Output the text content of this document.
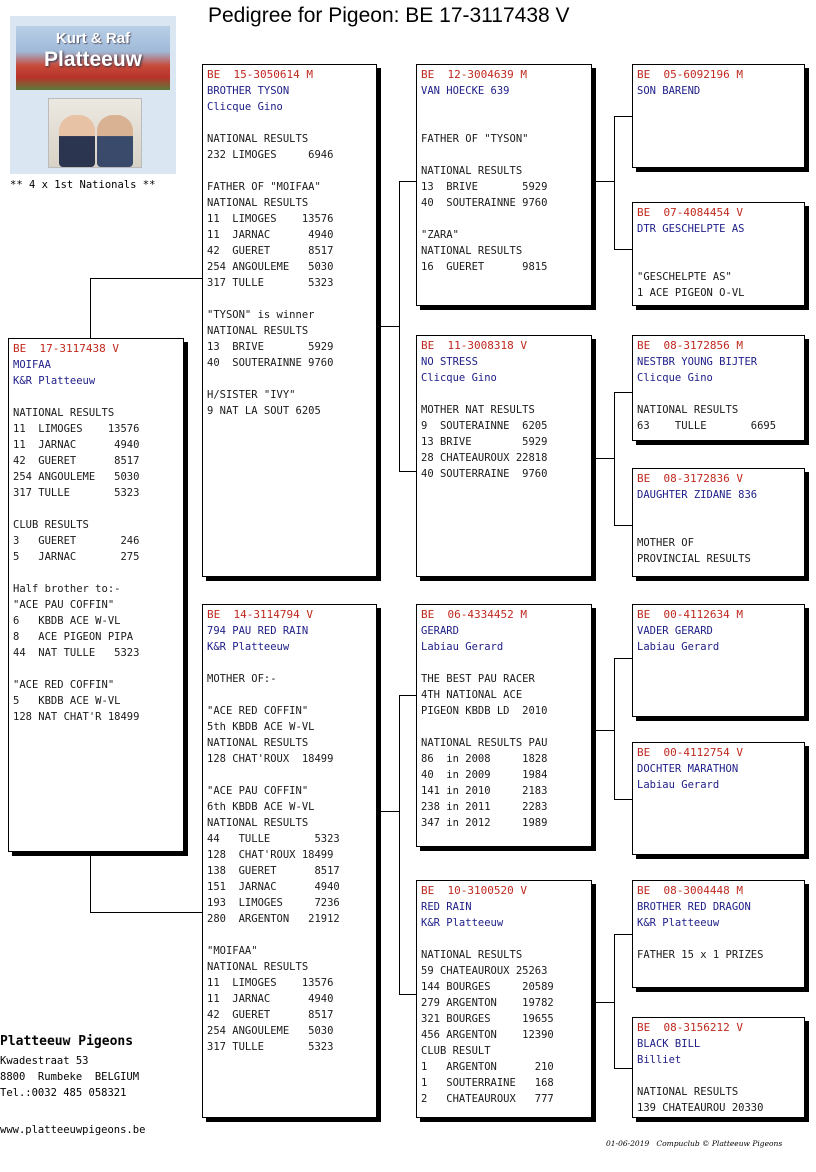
Pedigree for Pigeon: BE 17-3117438 V
Kurt & Raf
Platteeuw
** 4 x 1st Nationals **
BE  17-3117438 V
MOIFAA
K&R Platteeuw
NATIONAL RESULTS
11  LIMOGES    13576
11  JARNAC      4940
42  GUERET      8517
254 ANGOULEME   5030
317 TULLE       5323
CLUB RESULTS
3   GUERET       246
5   JARNAC       275
Half brother to:-
"ACE PAU COFFIN"
6   KBDB ACE W-VL
8   ACE PIGEON PIPA
44  NAT TULLE   5323
"ACE RED COFFIN"
5   KBDB ACE W-VL
128 NAT CHAT'R 18499
BE  15-3050614 M
BROTHER TYSON
Clicque Gino
NATIONAL RESULTS
232 LIMOGES     6946
FATHER OF "MOIFAA"
NATIONAL RESULTS
11  LIMOGES    13576
11  JARNAC      4940
42  GUERET      8517
254 ANGOULEME   5030
317 TULLE       5323
"TYSON" is winner
NATIONAL RESULTS
13  BRIVE       5929
40  SOUTERAINNE 9760
H/SISTER "IVY"
9 NAT LA SOUT 6205
BE  14-3114794 V
794 PAU RED RAIN
K&R Platteeuw
MOTHER OF:-
"ACE RED COFFIN"
5th KBDB ACE W-VL
NATIONAL RESULTS
128 CHAT'ROUX  18499
"ACE PAU COFFIN"
6th KBDB ACE W-VL
NATIONAL RESULTS
44   TULLE       5323
128  CHAT'ROUX 18499
138  GUERET      8517
151  JARNAC      4940
193  LIMOGES     7236
280  ARGENTON   21912
"MOIFAA"
NATIONAL RESULTS
11  LIMOGES    13576
11  JARNAC      4940
42  GUERET      8517
254 ANGOULEME   5030
317 TULLE       5323
BE  12-3004639 M
VAN HOECKE 639
FATHER OF "TYSON"
NATIONAL RESULTS
13  BRIVE       5929
40  SOUTERAINNE 9760
"ZARA"
NATIONAL RESULTS
16  GUERET      9815
BE  11-3008318 V
NO STRESS
Clicque Gino
MOTHER NAT RESULTS
9  SOUTERAINNE  6205
13 BRIVE        5929
28 CHATEAUROUX 22818
40 SOUTERRAINE  9760
BE  06-4334452 M
GERARD
Labiau Gerard
THE BEST PAU RACER
4TH NATIONAL ACE
PIGEON KBDB LD  2010
NATIONAL RESULTS PAU
86  in 2008     1828
40  in 2009     1984
141 in 2010     2183
238 in 2011     2283
347 in 2012     1989
BE  10-3100520 V
RED RAIN
K&R Platteeuw
NATIONAL RESULTS
59 CHATEAUROUX 25263
144 BOURGES     20589
279 ARGENTON    19782
321 BOURGES     19655
456 ARGENTON    12390
CLUB RESULT
1   ARGENTON      210
1   SOUTERRAINE   168
2   CHATEAUROUX   777
BE  05-6092196 M
SON BAREND
BE  07-4084454 V
DTR GESCHELPTE AS
"GESCHELPTE AS"
1 ACE PIGEON O-VL
BE  08-3172856 M
NESTBR YOUNG BIJTER
Clicque Gino
NATIONAL RESULTS
63    TULLE       6695
BE  08-3172836 V
DAUGHTER ZIDANE 836
MOTHER OF
PROVINCIAL RESULTS
BE  00-4112634 M
VADER GERARD
Labiau Gerard
BE  00-4112754 V
DOCHTER MARATHON
Labiau Gerard
BE  08-3004448 M
BROTHER RED DRAGON
K&R Platteeuw
FATHER 15 x 1 PRIZES
BE  08-3156212 V
BLACK BILL
Billiet
NATIONAL RESULTS
139 CHATEAUROU 20330
Platteeuw Pigeons
Kwadestraat 53
8800  Rumbeke  BELGIUM
Tel.:0032 485 058321
www.platteeuwpigeons.be
01-06-2019   Compuclub © Platteeuw Pigeons
